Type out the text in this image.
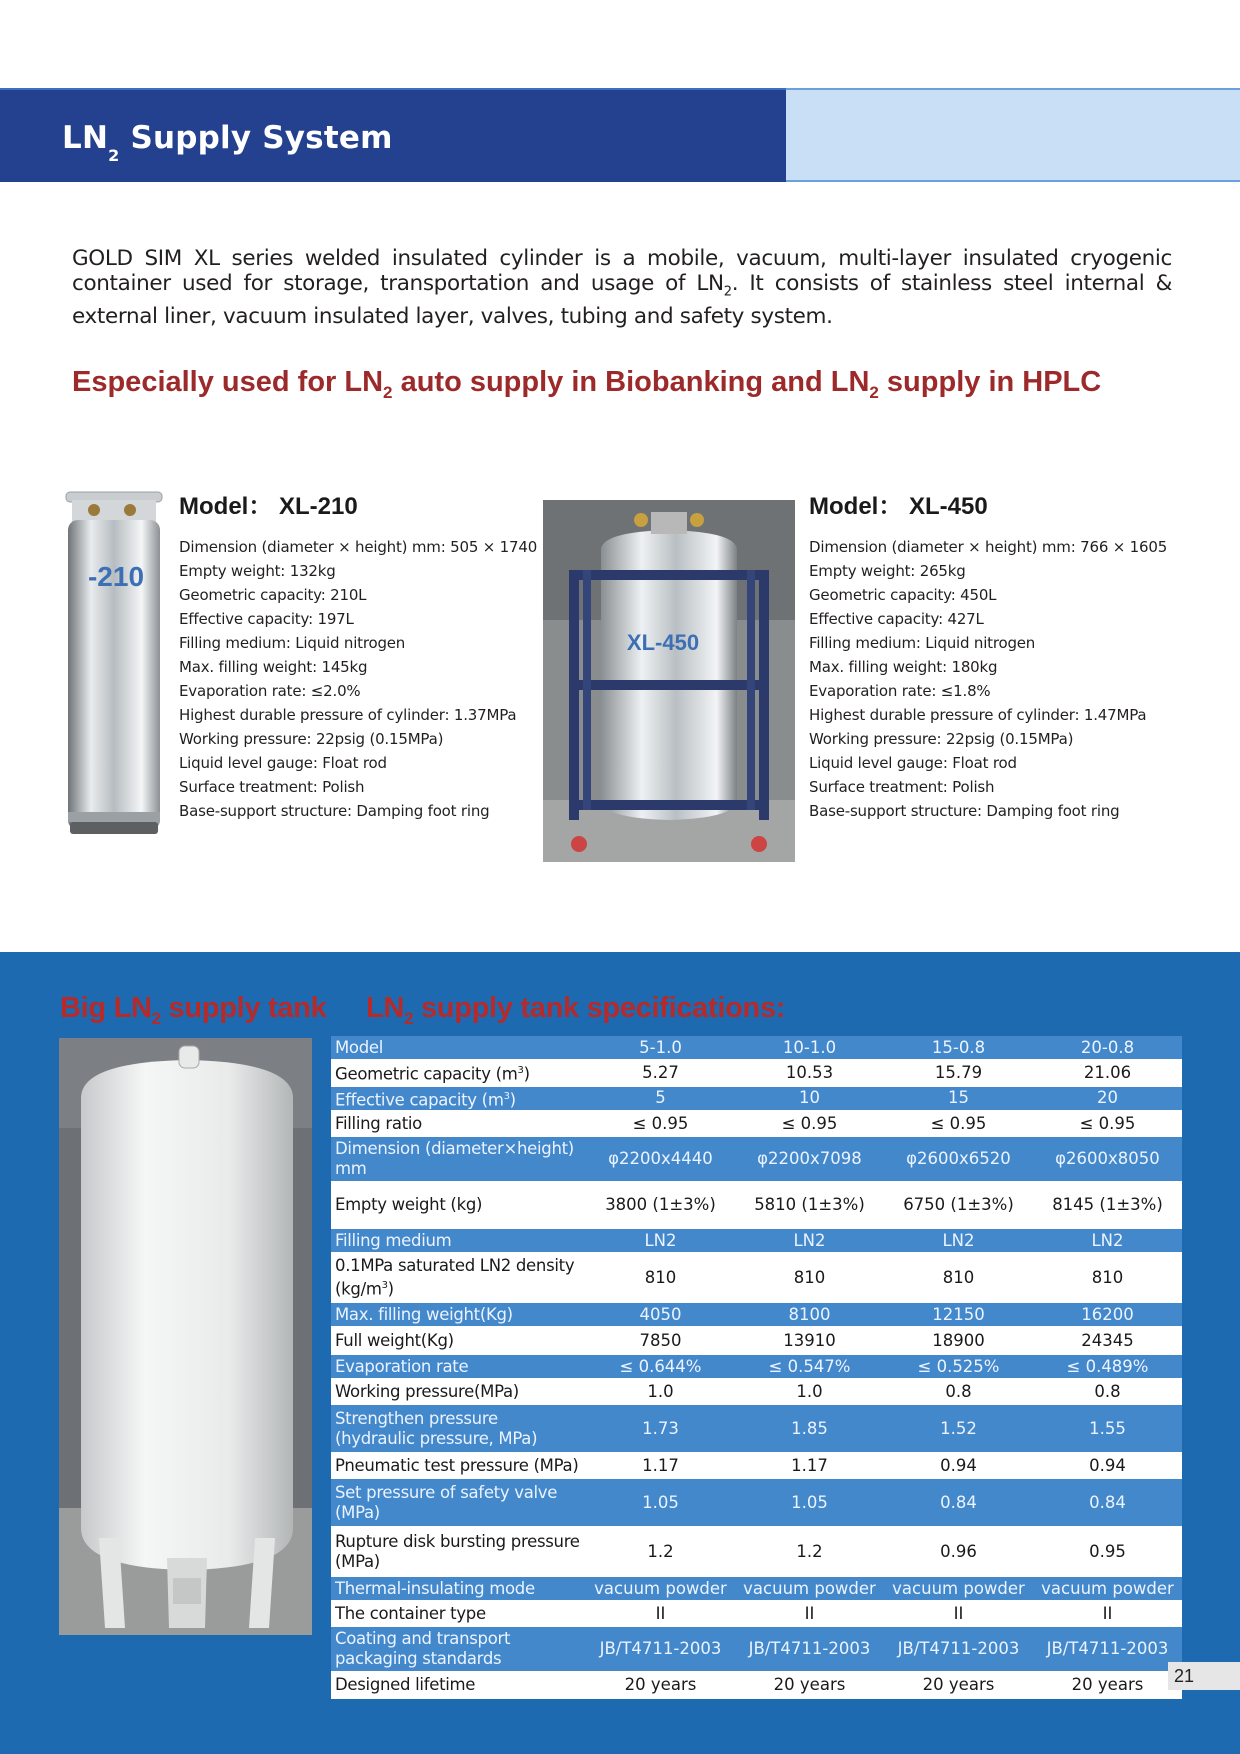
$LN_2$ Supply System

GOLD SIM XL series welded insulated cylinder is a mobile, vacuum, multi-layer insulated cryogenic container used for storage, transportation and usage of $LN_2$. It consists of stainless steel internal & external liner, vacuum insulated layer, valves, tubing and safety system.

Especially used for $LN_2$ auto supply in Biobanking and $LN_2$ supply in HPLC
-210
Model： XL-210
Dimension (diameter × height) mm: 505 × 1740
Empty weight: 132kg
Geometric capacity: 210L
Effective capacity: 197L
Filling medium: Liquid nitrogen
Max. filling weight: 145kg
Evaporation rate: ≤2.0%
Highest durable pressure of cylinder: 1.37MPa
Working pressure: 22psig (0.15MPa)
Liquid level gauge: Float rod
Surface treatment: Polish
Base-support structure: Damping foot ring
XL-450
Model： XL-450
Dimension (diameter × height) mm: 766 × 1605
Empty weight: 265kg
Geometric capacity: 450L
Effective capacity: 427L
Filling medium: Liquid nitrogen
Max. filling weight: 180kg
Evaporation rate: ≤1.8%
Highest durable pressure of cylinder: 1.47MPa
Working pressure: 22psig (0.15MPa)
Liquid level gauge: Float rod
Surface treatment: Polish
Base-support structure: Damping foot ring
Big $LN_2$ supply tank $LN_2$ supply tank specifications:
Model	5-1.0	10-1.0	15-0.8	20-0.8
Geometric capacity $(m^3)$	5.27	10.53	15.79	21.06
Effective capacity $(m^3)$	5	10	15	20
Filling ratio	≤ 0.95	≤ 0.95	≤ 0.95	≤ 0.95
Dimension (diameter×height) mm	φ2200x4440	φ2200x7098	φ2600x6520	φ2600x8050
Empty weight (kg)	3800 (1±3%)	5810 (1±3%)	6750 (1±3%)	8145 (1±3%)
Filling medium	LN2	LN2	LN2	LN2
0.1MPa saturated LN2 density $(kg/m^3)$	810	810	810	810
Max. filling weight(Kg)	4050	8100	12150	16200
Full weight(Kg)	7850	13910	18900	24345
Evaporation rate	≤ 0.644%	≤ 0.547%	≤ 0.525%	≤ 0.489%
Working pressure(MPa)	1.0	1.0	0.8	0.8
Strengthen pressure (hydraulic pressure, MPa)	1.73	1.85	1.52	1.55
Pneumatic test pressure (MPa)	1.17	1.17	0.94	0.94
Set pressure of safety valve (MPa)	1.05	1.05	0.84	0.84
Rupture disk bursting pressure (MPa)	1.2	1.2	0.96	0.95
Thermal-insulating mode	vacuum powder	vacuum powder	vacuum powder	vacuum powder
The container type	II	II	II	II
Coating and transport packaging standards	JB/T4711-2003	JB/T4711-2003	JB/T4711-2003	JB/T4711-2003
Designed lifetime	20 years	20 years	20 years	20 years	21
